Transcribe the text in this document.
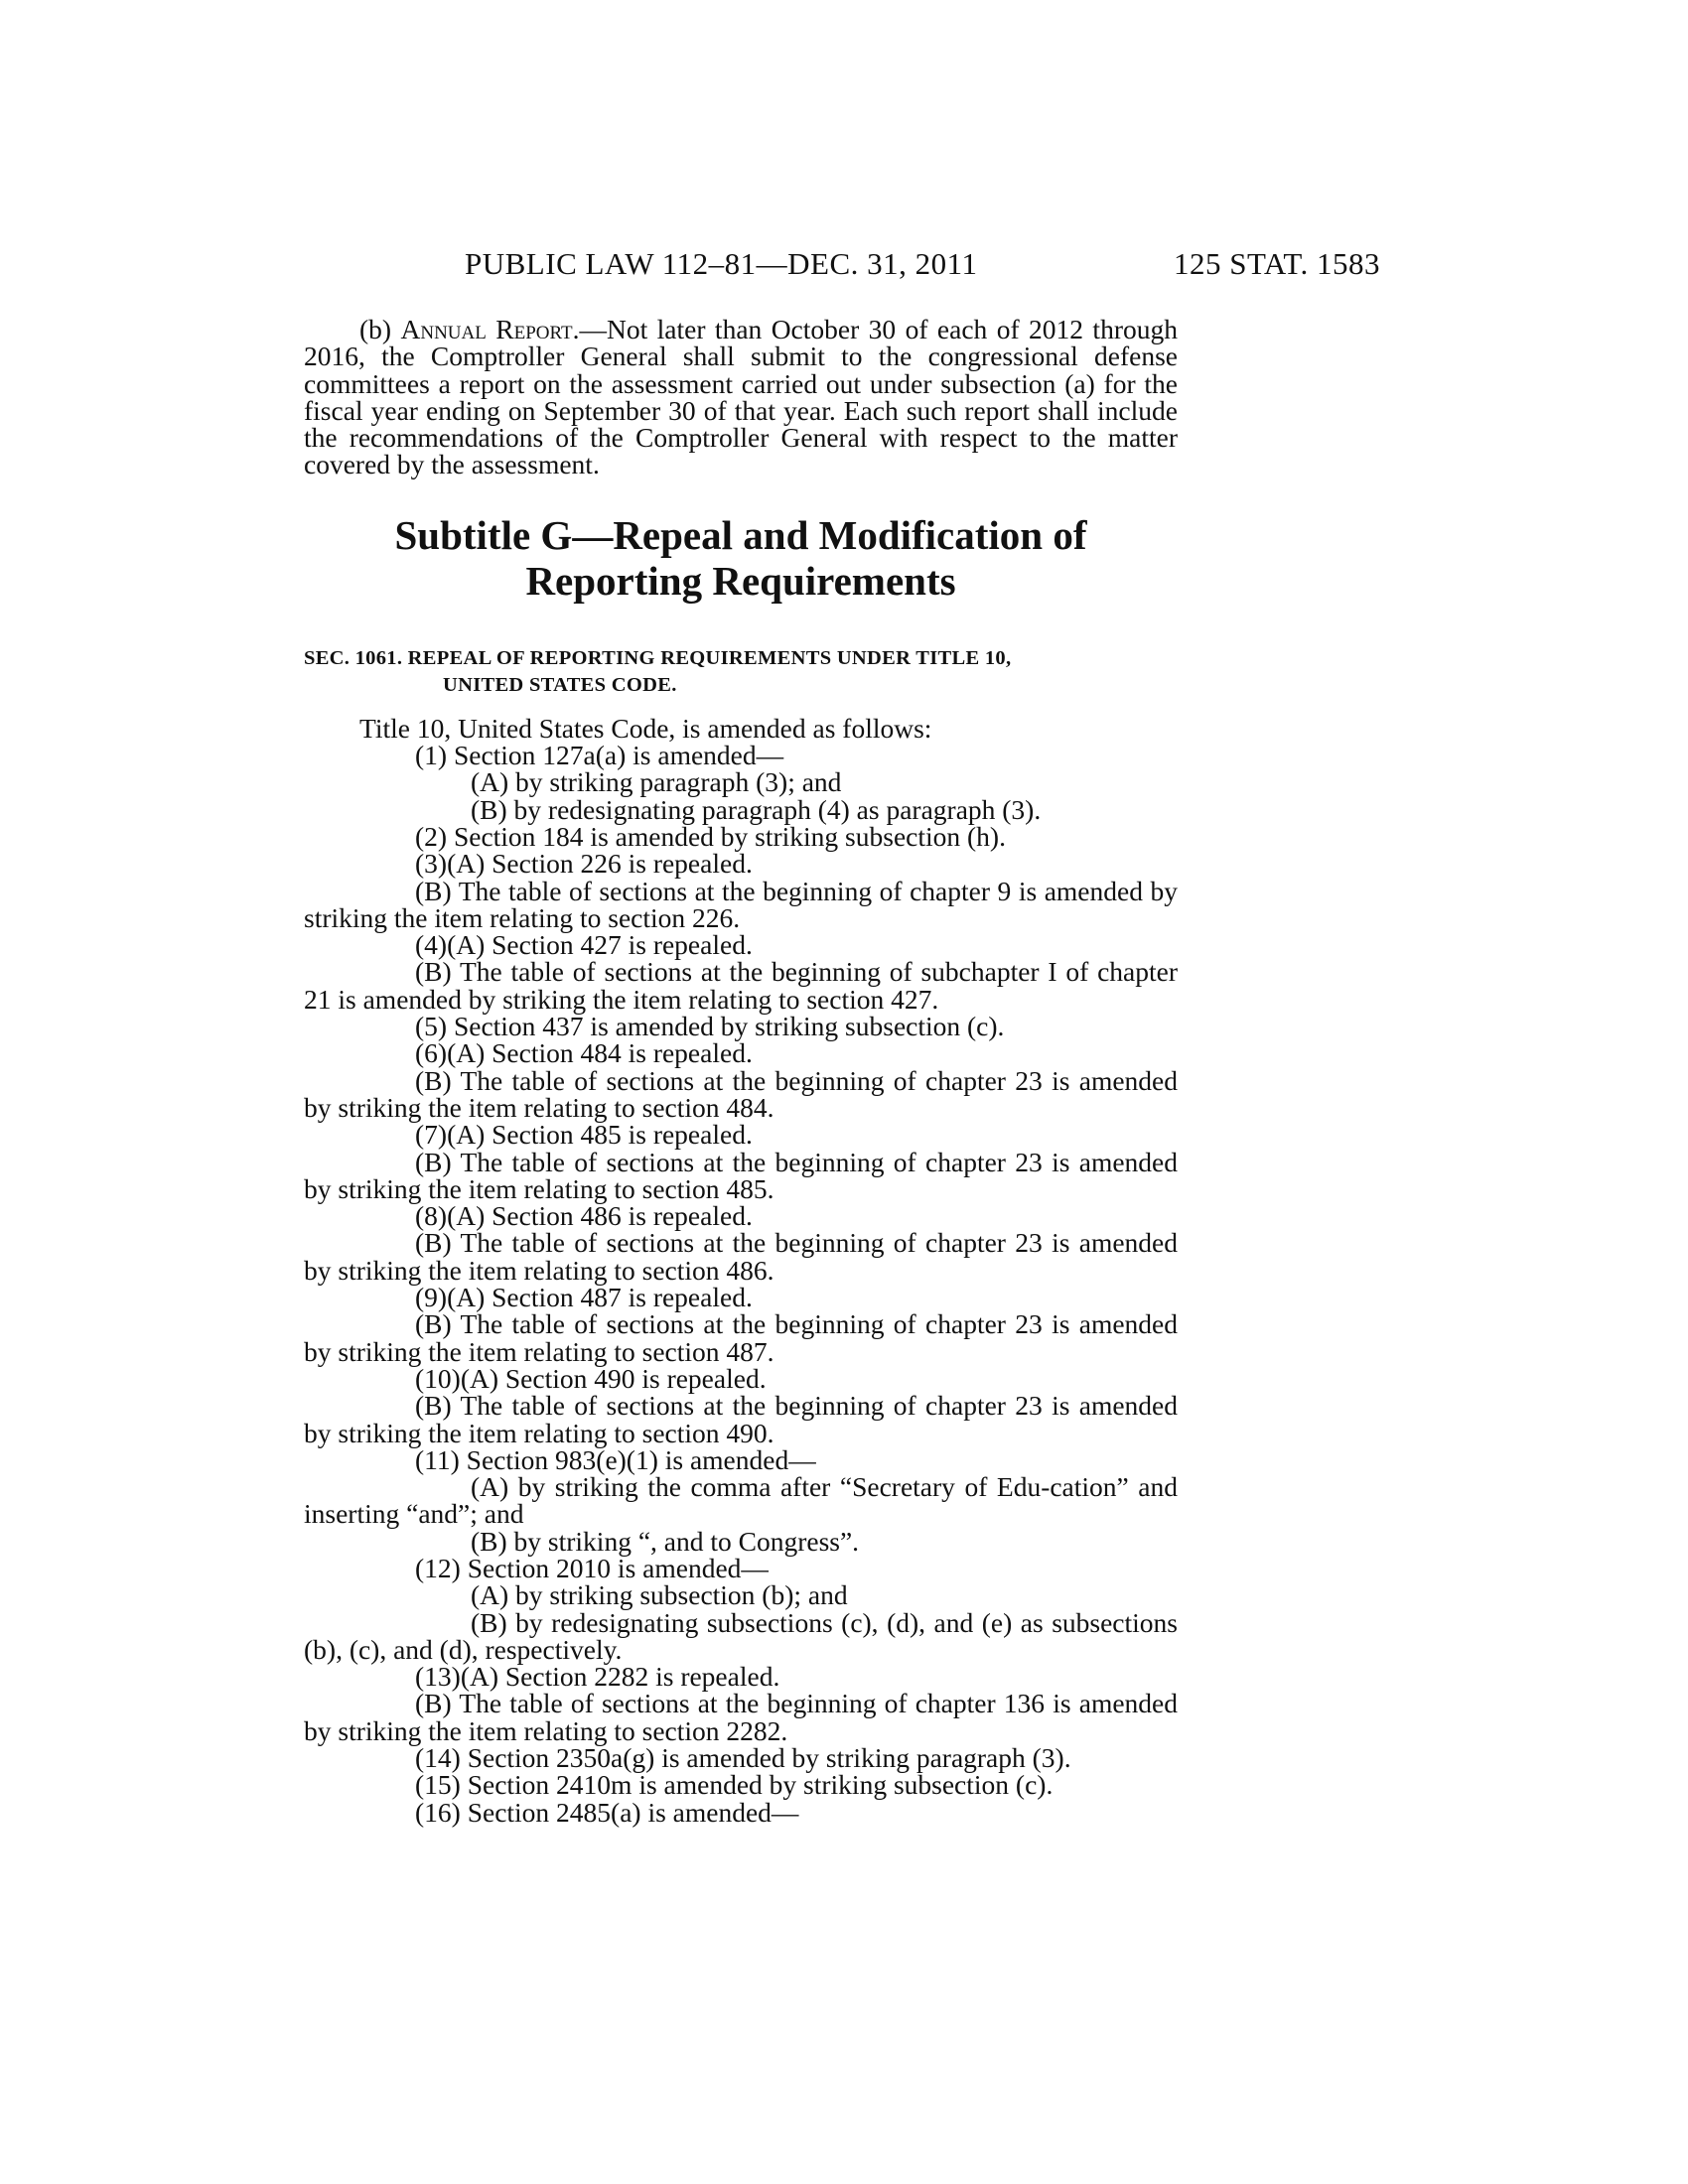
PUBLIC LAW 112–81—DEC. 31, 2011	125 STAT. 1583

(b) Annual Report.—Not later than October 30 of each of 2012 through 2016, the Comptroller General shall submit to the congressional defense committees a report on the assessment carried out under subsection (a) for the fiscal year ending on September 30 of that year. Each such report shall include the recommendations of the Comptroller General with respect to the matter covered by the assessment.

Subtitle G—Repeal and Modification of
Reporting Requirements
SEC. 1061. REPEAL OF REPORTING REQUIREMENTS UNDER TITLE 10,
UNITED STATES CODE.

Title 10, United States Code, is amended as follows:

(1) Section 127a(a) is amended—

(A) by striking paragraph (3); and

(B) by redesignating paragraph (4) as paragraph (3).

(2) Section 184 is amended by striking subsection (h).

(3)(A) Section 226 is repealed.

(B) The table of sections at the beginning of chapter 9 is amended by striking the item relating to section 226.

(4)(A) Section 427 is repealed.

(B) The table of sections at the beginning of subchapter I of chapter 21 is amended by striking the item relating to section 427.

(5) Section 437 is amended by striking subsection (c).

(6)(A) Section 484 is repealed.

(B) The table of sections at the beginning of chapter 23 is amended by striking the item relating to section 484.

(7)(A) Section 485 is repealed.

(B) The table of sections at the beginning of chapter 23 is amended by striking the item relating to section 485.

(8)(A) Section 486 is repealed.

(B) The table of sections at the beginning of chapter 23 is amended by striking the item relating to section 486.

(9)(A) Section 487 is repealed.

(B) The table of sections at the beginning of chapter 23 is amended by striking the item relating to section 487.

(10)(A) Section 490 is repealed.

(B) The table of sections at the beginning of chapter 23 is amended by striking the item relating to section 490.

(11) Section 983(e)(1) is amended—

(A) by striking the comma after “Secretary of Edu-cation” and inserting “and”; and

(B) by striking “, and to Congress”.

(12) Section 2010 is amended—

(A) by striking subsection (b); and

(B) by redesignating subsections (c), (d), and (e) as subsections (b), (c), and (d), respectively.

(13)(A) Section 2282 is repealed.

(B) The table of sections at the beginning of chapter 136 is amended by striking the item relating to section 2282.

(14) Section 2350a(g) is amended by striking paragraph (3).

(15) Section 2410m is amended by striking subsection (c).

(16) Section 2485(a) is amended—
